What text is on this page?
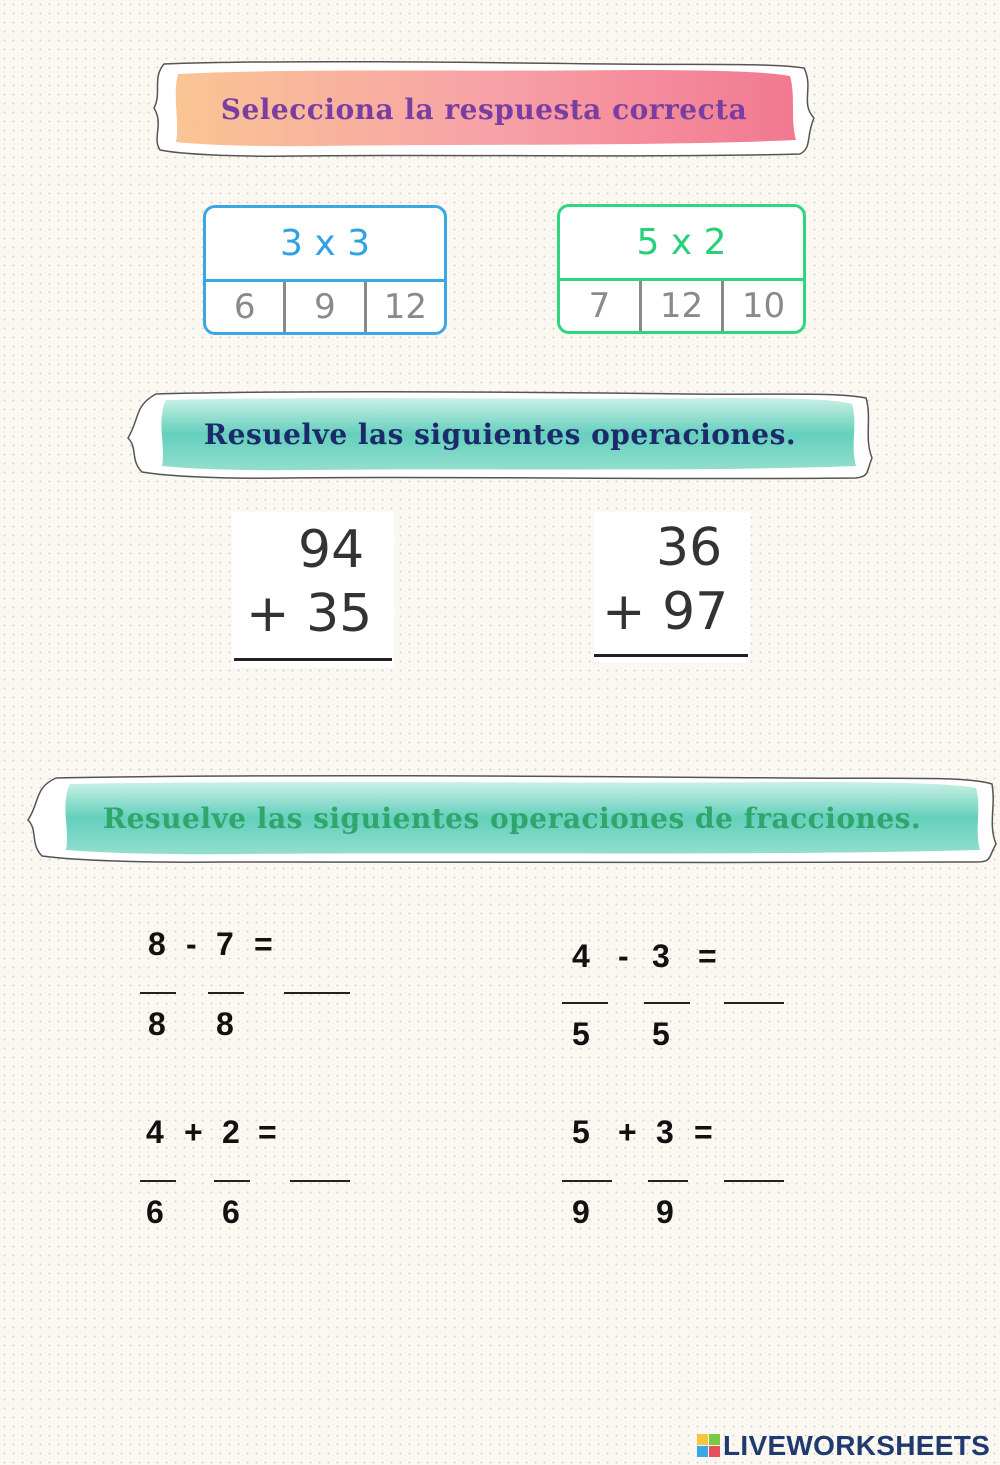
Selecciona la respuesta correcta
3 x 3
6	9	12
5 x 2
7	12	10
Resuelve las siguientes operaciones.
94
+ 35
36
+ 97
Resuelve las siguientes operaciones de fracciones.
8 - 7 =
8 8
4 - 3 =
5 5
4 + 2 =
6 6
5 + 3 =
9 9
LIVEWORKSHEETS
